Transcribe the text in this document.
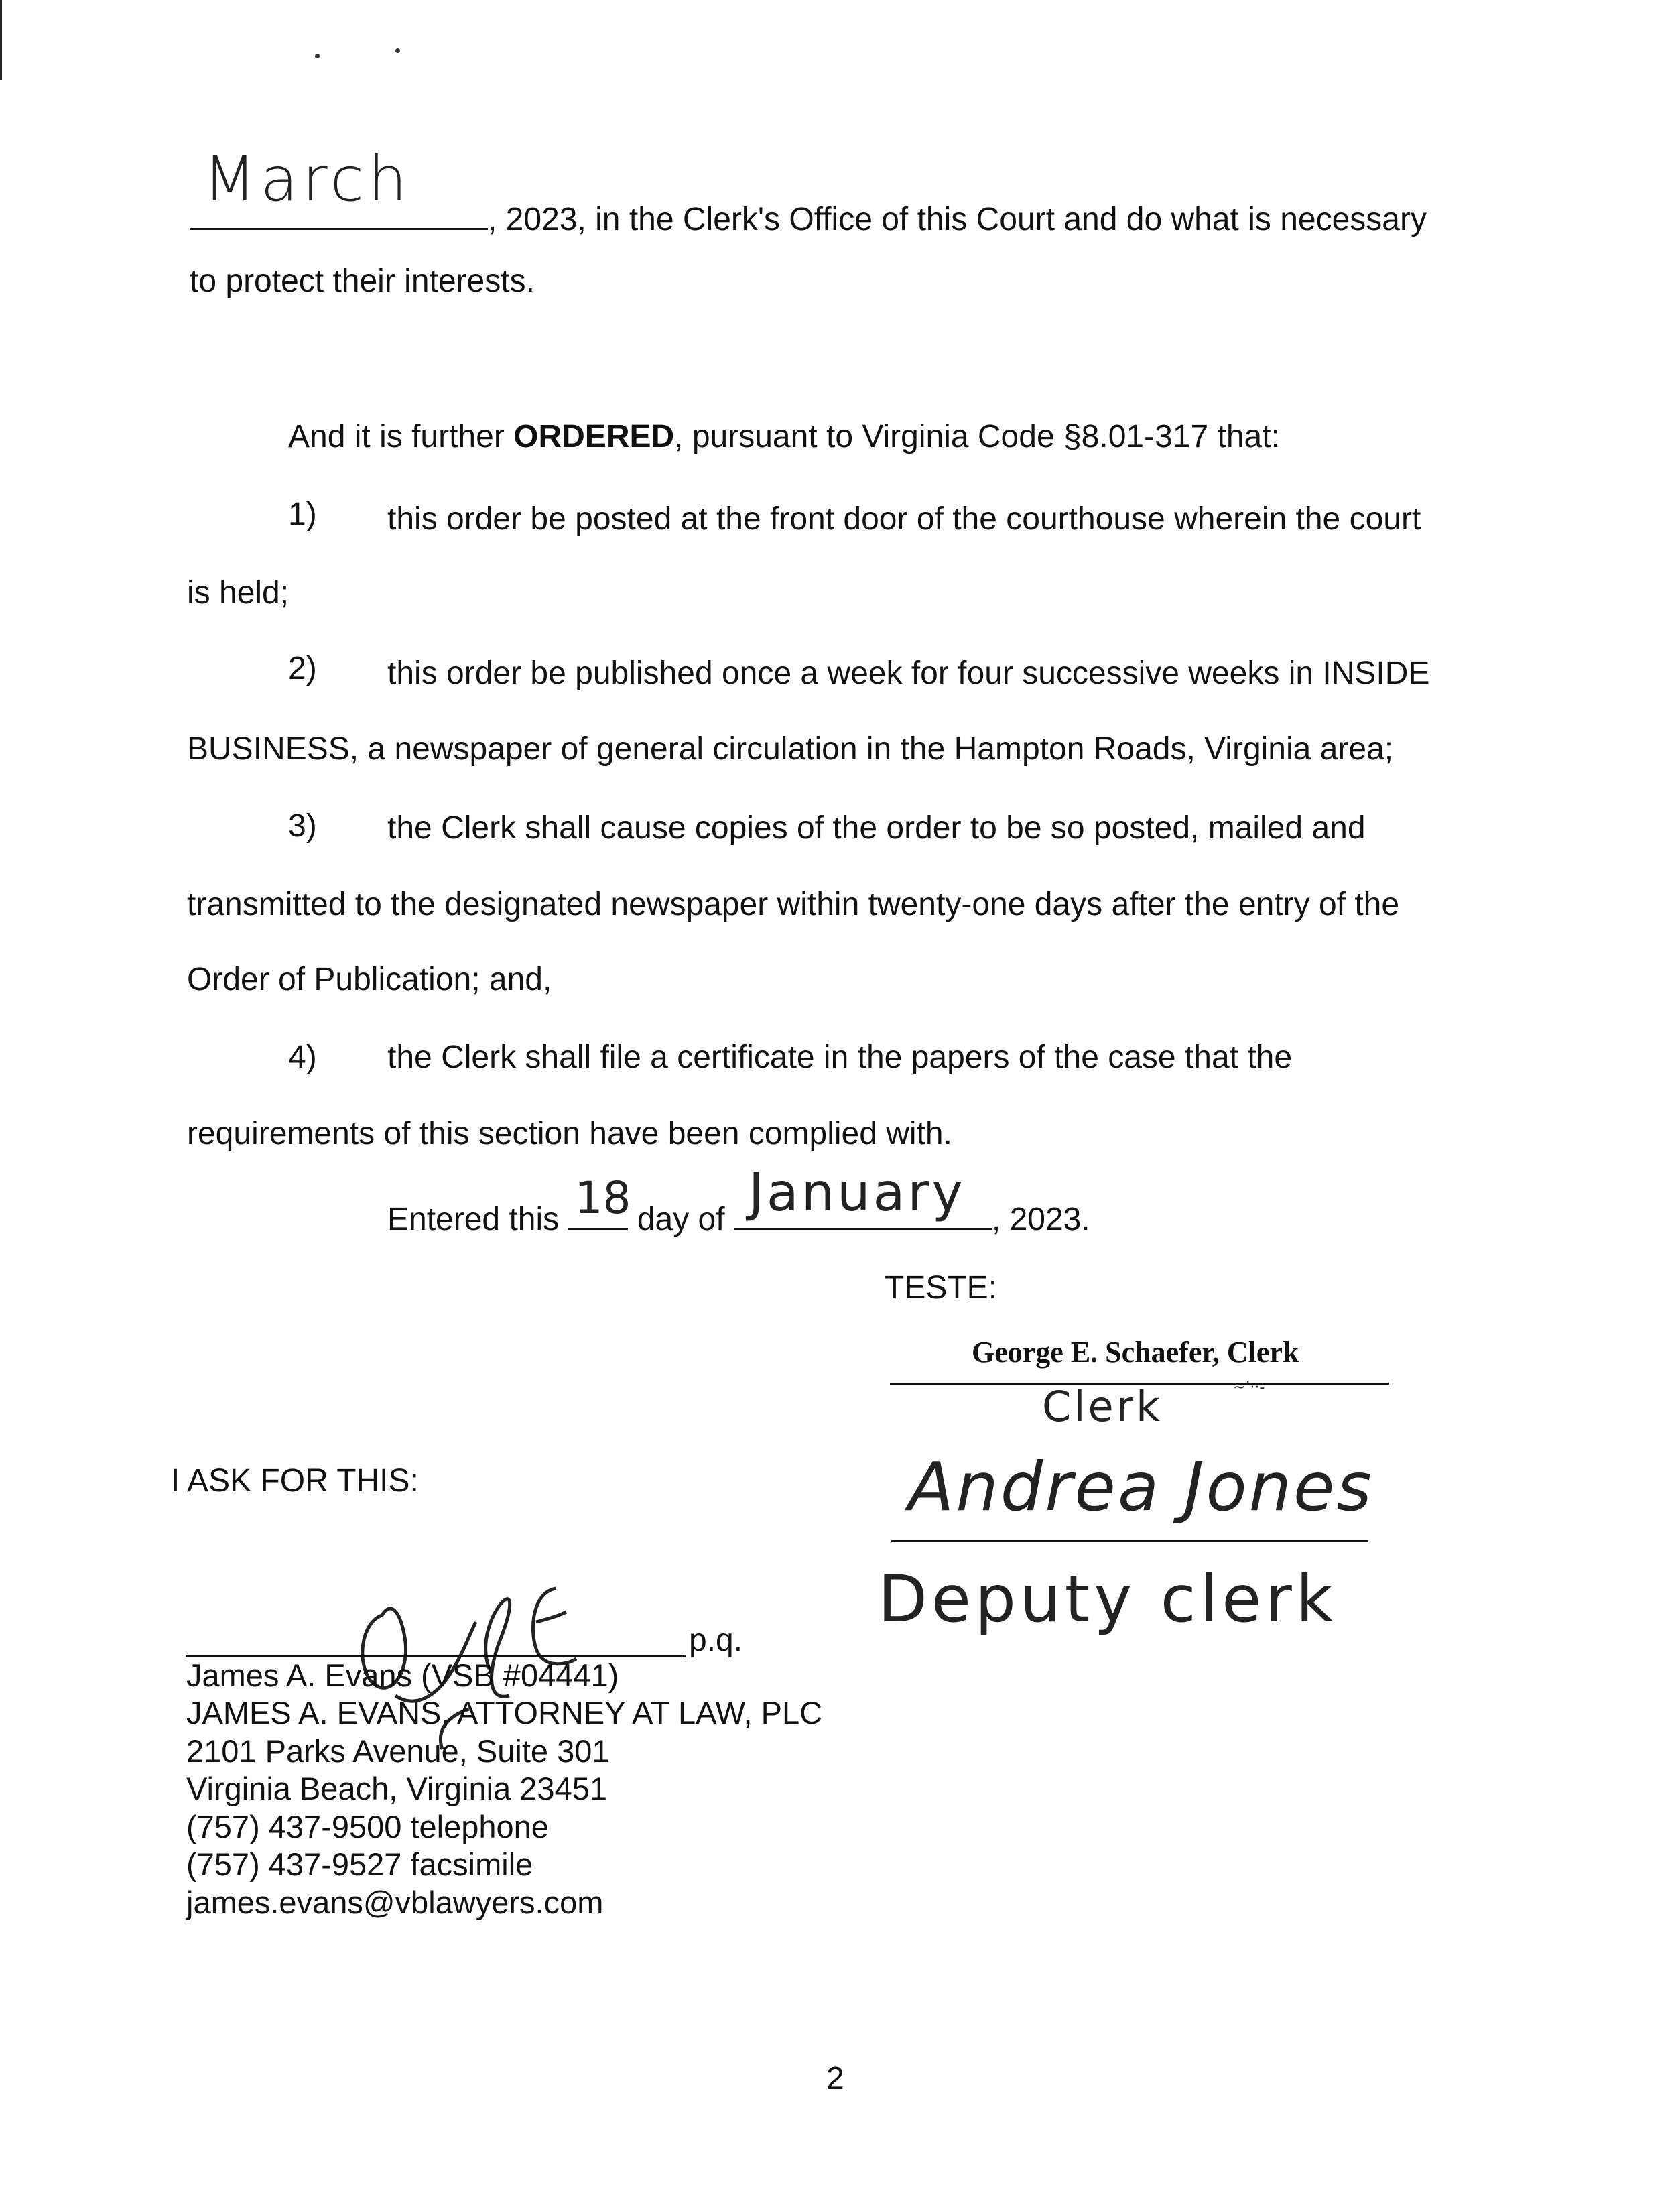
March
, 2023, in the Clerk's Office of this Court and do what is necessary
to protect their interests.
And it is further ORDERED, pursuant to Virginia Code §8.01-317 that:
1) this order be posted at the front door of the courthouse wherein the court
is held;
2) this order be published once a week for four successive weeks in INSIDE
BUSINESS, a newspaper of general circulation in the Hampton Roads, Virginia area;
3) the Clerk shall cause copies of the order to be so posted, mailed and
transmitted to the designated newspaper within twenty-one days after the entry of the
Order of Publication; and,
4) the Clerk shall file a certificate in the papers of the case that the
requirements of this section have been complied with.
Entered this 18
day of January , 2023.
TESTE:
George E. Schaefer, Clerk
Clerk	~’··-
Andrea Jones
Deputy clerk
I ASK FOR THIS:
p.q.
James A. Evans (VSB #04441)
JAMES A. EVANS, ATTORNEY AT LAW, PLC
2101 Parks Avenue, Suite 301
Virginia Beach, Virginia 23451
(757) 437-9500 telephone
(757) 437-9527 facsimile
james.evans@vblawyers.com
2
